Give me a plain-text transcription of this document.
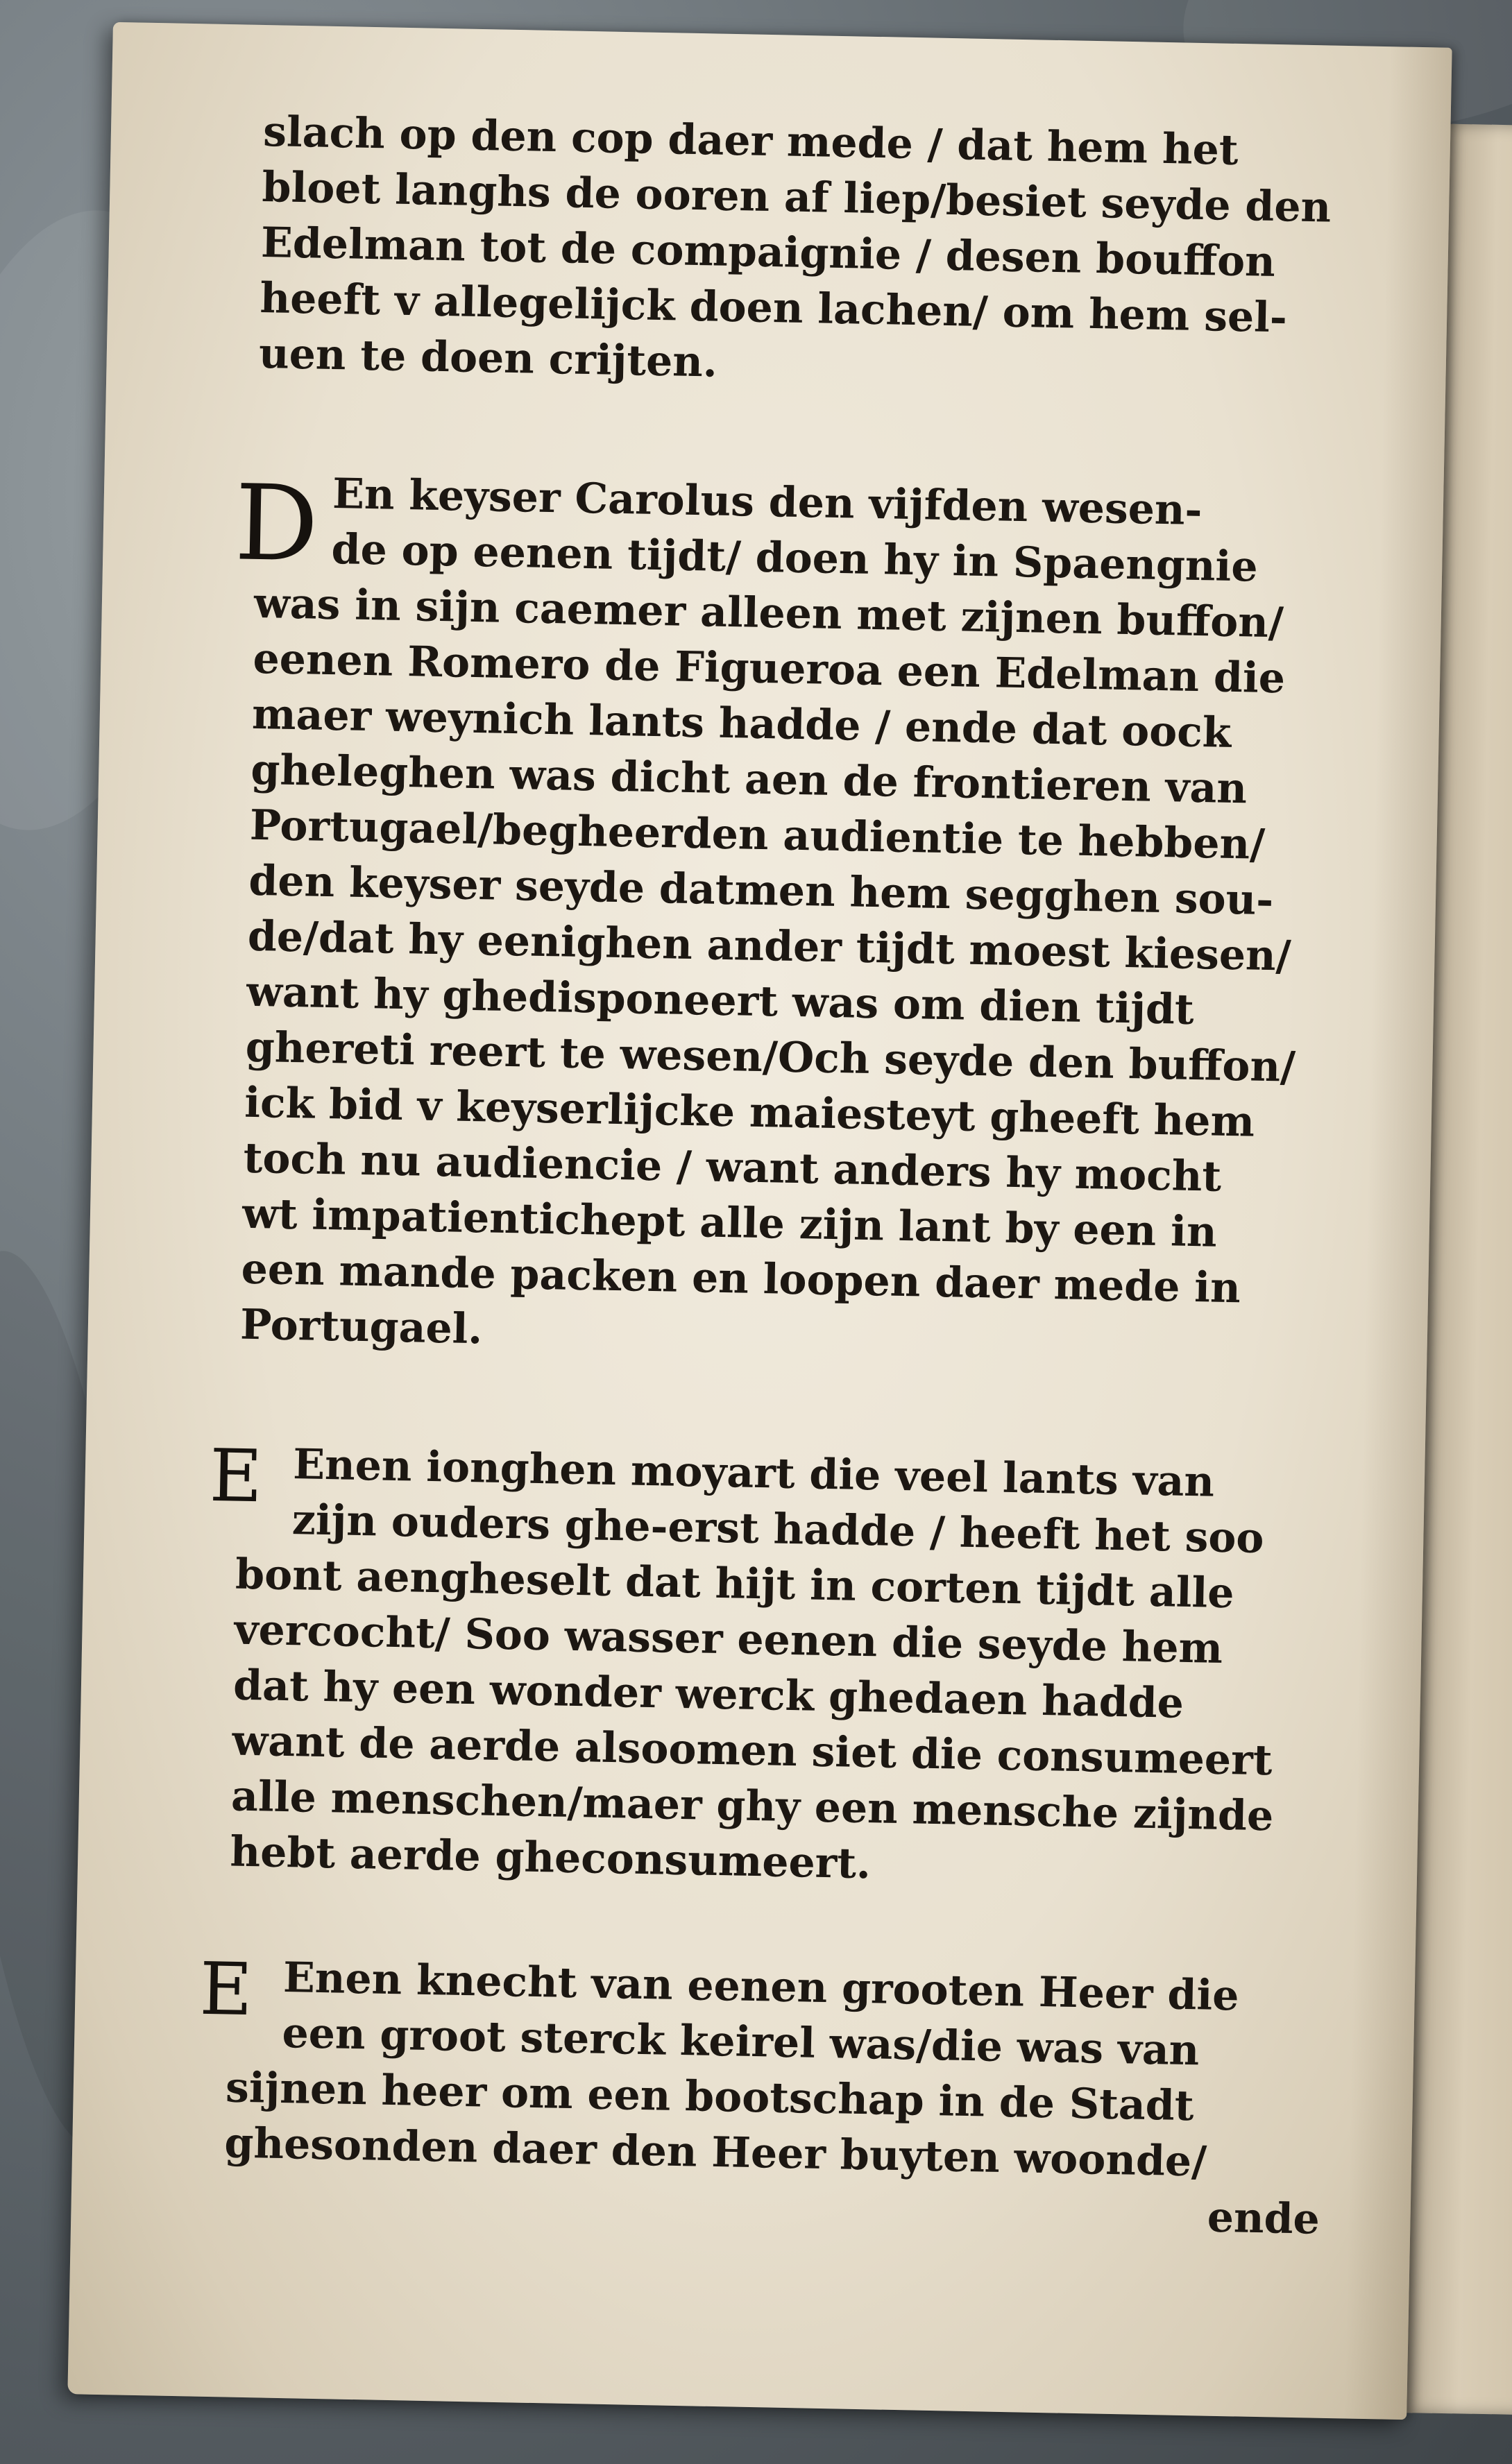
slach op den cop daer mede / dat hem het
bloet langhs de ooren af liep/besiet seyde den
Edelman tot de compaignie / desen bouffon
heeft v allegelijck doen lachen/ om hem sel-
uen te doen crijten.
D En keyser Carolus den vijfden wesen-
de op eenen tijdt/ doen hy in Spaengnie
was in sijn caemer alleen met zijnen buffon/
eenen Romero de Figueroa een Edelman die
maer weynich lants hadde / ende dat oock
gheleghen was dicht aen de frontieren van
Portugael/begheerden audientie te hebben/
den keyser seyde datmen hem segghen sou-
de/dat hy eenighen ander tijdt moest kiesen/
want hy ghedisponeert was om dien tijdt
ghereti reert te wesen/Och seyde den buffon/
ick bid v keyserlijcke maiesteyt gheeft hem
toch nu audiencie / want anders hy mocht
wt impatientichept alle zijn lant by een in
een mande packen en loopen daer mede in
Portugael.
E Enen ionghen moyart die veel lants van
zijn ouders ghe-erst hadde / heeft het soo
bont aengheselt dat hijt in corten tijdt alle
vercocht/ Soo wasser eenen die seyde hem
dat hy een wonder werck ghedaen hadde
want de aerde alsoomen siet die consumeert
alle menschen/maer ghy een mensche zijnde
hebt aerde gheconsumeert.
E Enen knecht van eenen grooten Heer die
een groot sterck keirel was/die was van
sijnen heer om een bootschap in de Stadt
ghesonden daer den Heer buyten woonde/
ende
